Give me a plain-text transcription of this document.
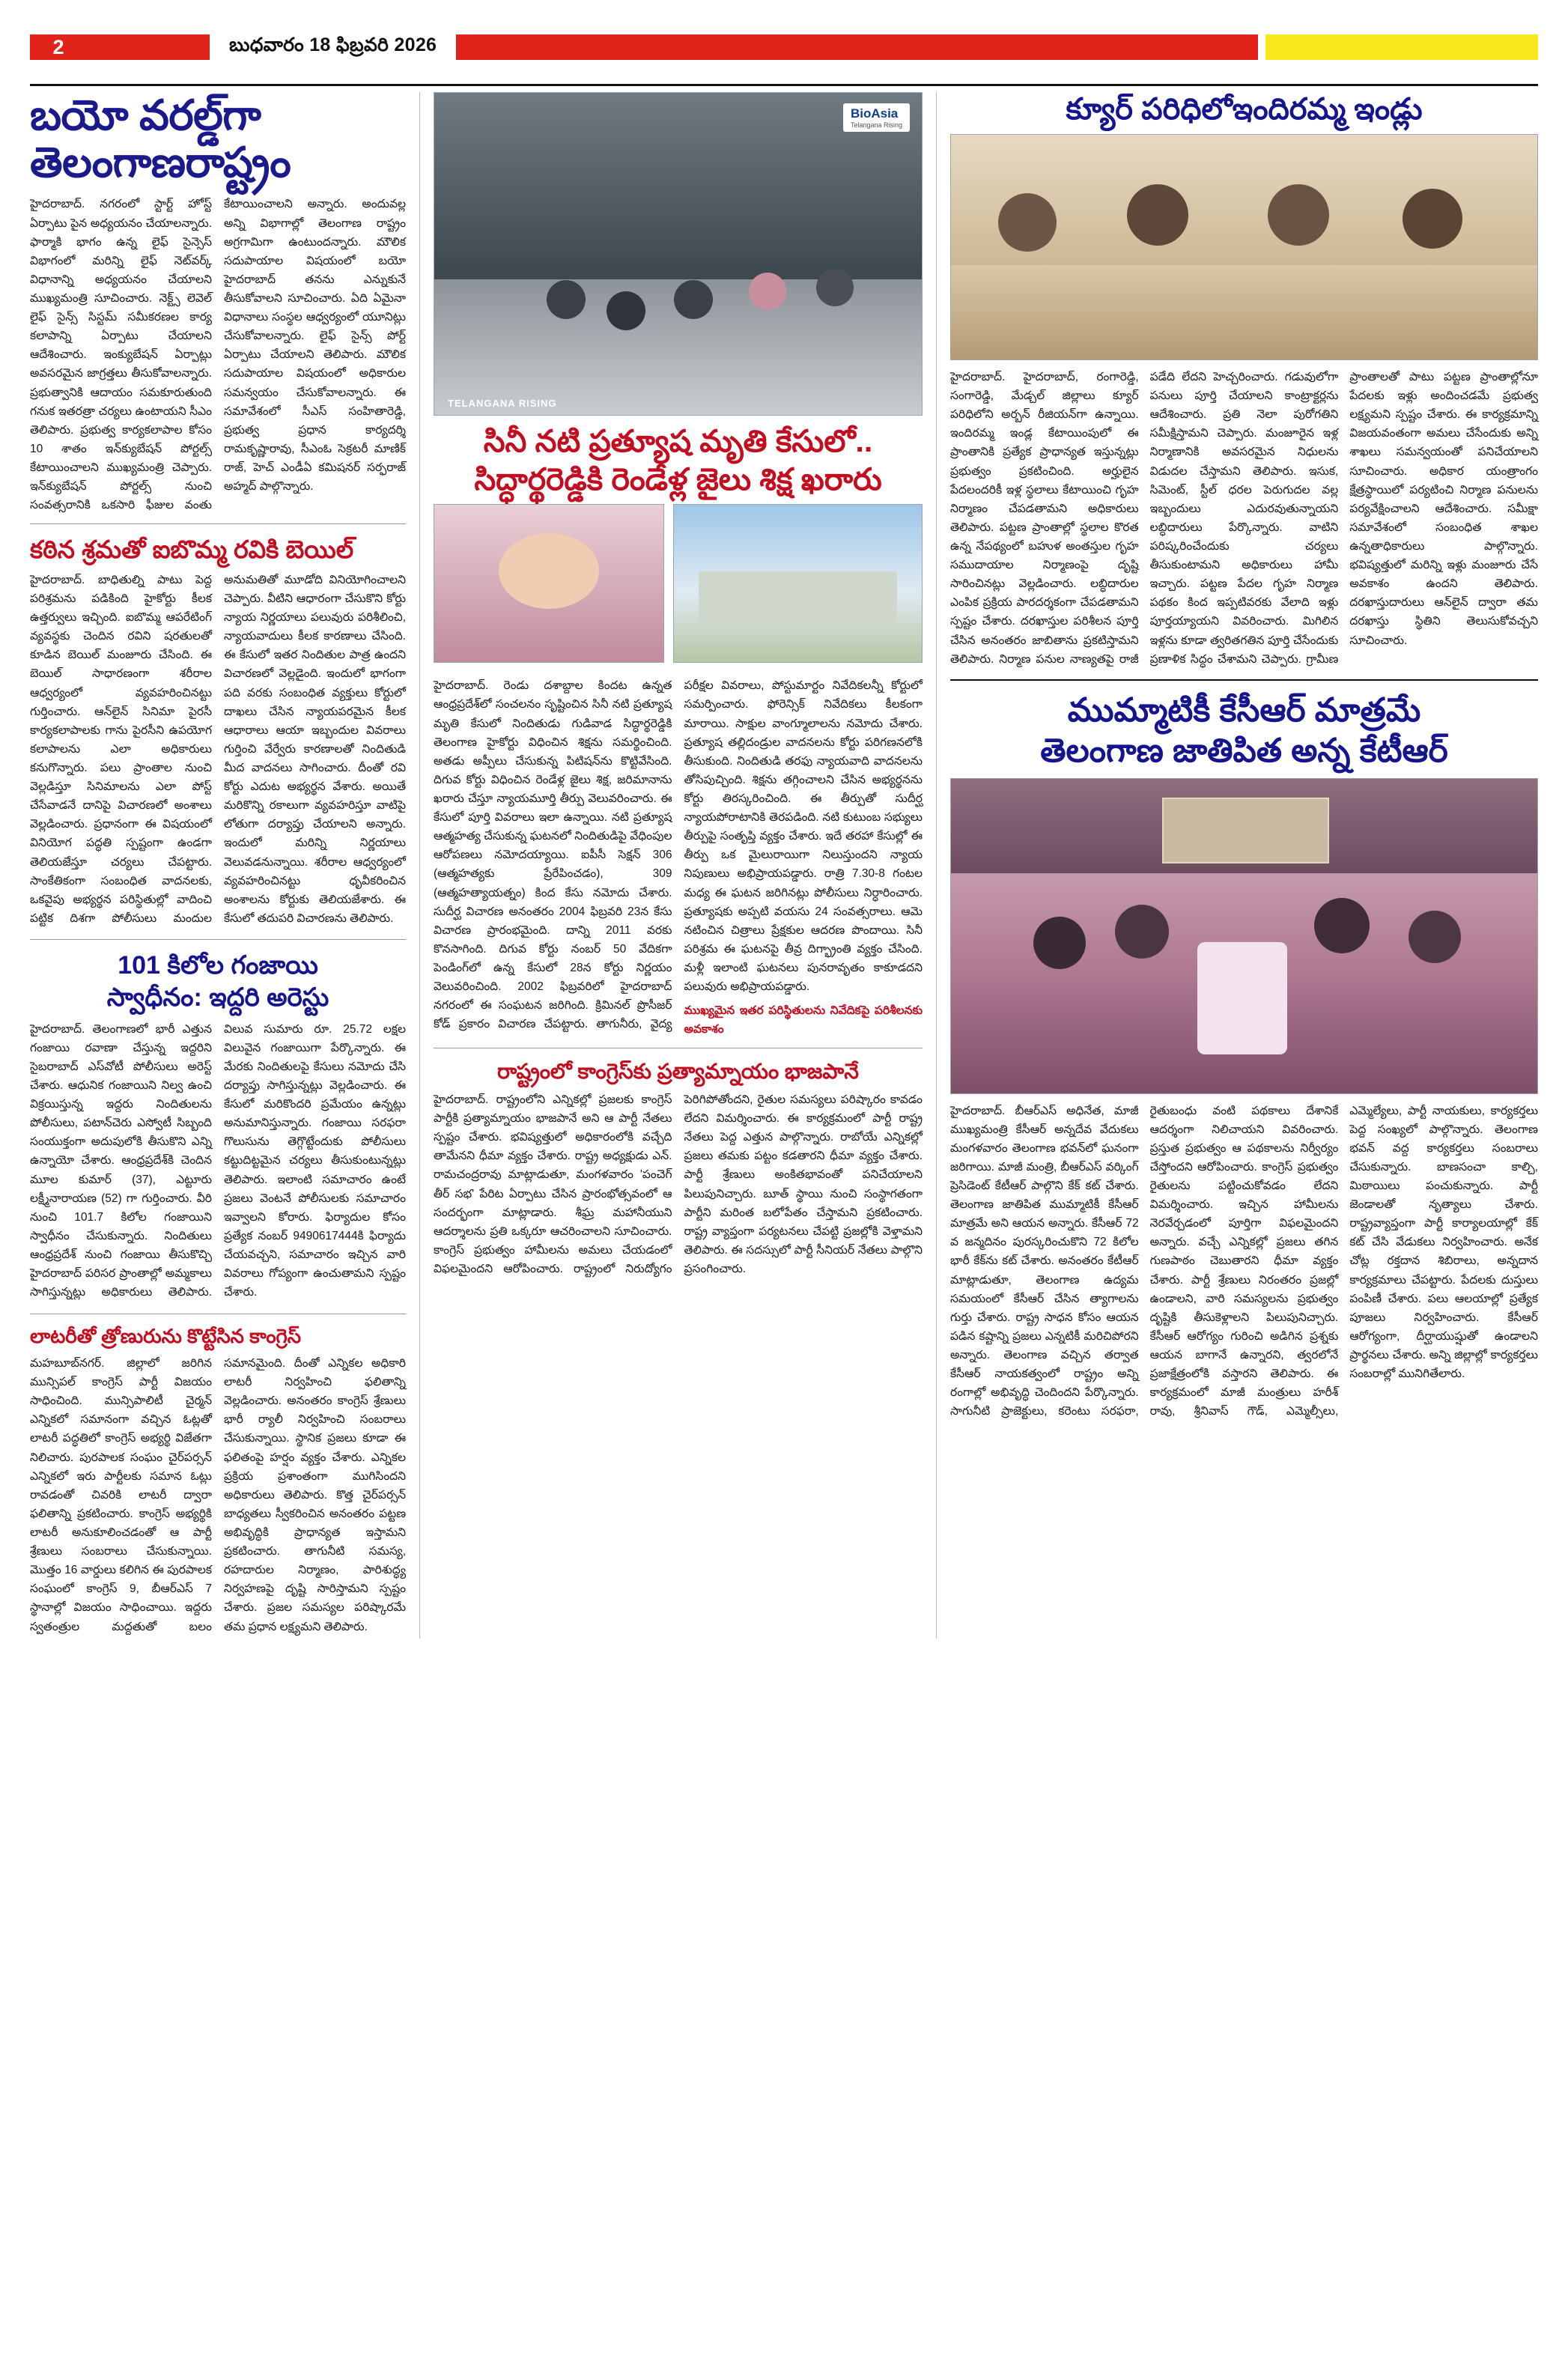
2	బుధవారం 18 ఫిబ్రవరి 2026
బయో వరల్డ్‌గా తెలంగాణరాష్ట్రం

హైదరాబాద్‌. నగరంలో స్టార్ట్ హోస్ట్ ఏర్పాటు పైన అధ్యయనం చేయాలన్నారు. ఫార్మాకి భాగం ఉన్న లైఫ్ సైన్సెస్ విభాగంలో మరిన్ని లైఫ్ నెట్‌వర్క్ విధానాన్ని అధ్యయనం చేయాలని ముఖ్యమంత్రి సూచించారు. నెక్ట్స్ లెవెల్ లైఫ్ సైన్స్ సిస్టమ్ సమీకరణల కార్య కలాపాన్ని ఏర్పాటు చేయాలని ఆదేశించారు. ఇంక్యుబేషన్ ఏర్పాట్లు అవసరమైన జాగ్రత్తలు తీసుకోవాలన్నారు. ప్రభుత్వానికి ఆదాయం సమకూరుతుంది గనుక ఇతరత్రా చర్యలు ఉంటాయని సీఎం తెలిపారు. ప్రభుత్వ కార్యకలాపాల కోసం 10 శాతం ఇన్‌క్యుబేషన్ పోర్టల్స్ కేటాయించాలని ముఖ్యమంత్రి చెప్పారు. ఇన్‌క్యుబేషన్ పోర్టల్స్ నుంచి సంవత్సరానికి ఒకసారి ఫీజుల వంతు కేటాయించాలని అన్నారు. అందువల్ల అన్ని విభాగాల్లో తెలంగాణ రాష్ట్రం అగ్రగామిగా ఉంటుందన్నారు. మౌలిక సదుపాయాల విషయంలో బయో హైదరాబాద్ తనను ఎన్నుకునే తీసుకోవాలని సూచించారు. ఏది ఏమైనా విధానాలు సంస్థల ఆధ్వర్యంలో యూనిట్లు చేసుకోవాలన్నారు. లైఫ్ సైన్స్ పోర్ట్ ఏర్పాటు చేయాలని తెలిపారు. మౌలిక సదుపాయాల విషయంలో అధికారుల సమన్వయం చేసుకోవాలన్నారు. ఈ సమావేశంలో సీఎస్ సంహితారెడ్డి, ప్రభుత్వ ప్రధాన కార్యదర్శి రామకృష్ణారావు, సీఎంఓ సెక్రటరీ మాణిక్ రాజ్, హెచ్ ఎండీఏ కమిషనర్ సర్ఫరాజ్ అహ్మద్ పాల్గొన్నారు.

కఠిన శ్రమతో ఐబొమ్మ రవికి బెయిల్

హైదరాబాద్‌. బాధితుల్ని పాటు పెద్ద పరిశ్రమను పడికింది హైకోర్టు కీలక ఉత్తర్వులు ఇచ్చింది. ఐబొమ్మ ఆపరేటింగ్ వ్యవస్థకు చెందిన రవిని షరతులతో కూడిన బెయిల్ మంజూరు చేసింది. ఈ బెయిల్ సాధారణంగా శరీరాల ఆధ్వర్యంలో వ్యవహరించినట్టు గుర్తించారు. ఆన్‌లైన్ సినిమా పైరసీ కార్యకలాపాలకు గాను పైరసీని ఉపయోగ కలాపాలను ఎలా అధికారులు కనుగొన్నారు. పలు ప్రాంతాల నుంచి వెల్లడిస్తూ సినిమాలను ఎలా పోస్ట్ చేసేవాడనే దానిపై విచారణలో అంశాలు వెల్లడించారు. ప్రధానంగా ఈ విషయంలో వినియోగ పద్ధతి స్పష్టంగా ఉండగా తెలియజేస్తూ చర్యలు చేపట్టారు. సాంకేతికంగా సంబంధిత వాదనలకు, ఒకవైపు అభ్యర్థన పరిస్థితుల్లో వాదించి పట్టిక దిశగా పోలీసులు మందుల అనుమతితో మూడోది వినియోగించాలని చెప్పారు. వీటిని ఆధారంగా చేసుకొని కోర్టు న్యాయ నిర్ణయాలు పలువురు పరిశీలించి, న్యాయవాదులు కీలక కారణాలు చేసింది. ఈ కేసులో ఇతర నిందితుల పాత్ర ఉందని విచారణలో వెల్లడైంది. ఇందులో భాగంగా పది వరకు సంబంధిత వ్యక్తులు కోర్టులో దాఖలు చేసిన న్యాయపరమైన కీలక ఆధారాలు ఆయా ఇబ్బందుల వివరాలు గుర్తించి వేర్వేరు కారణాలతో నిందితుడి మీద వాదనలు సాగించారు. దీంతో రవి కోర్టు ఎదుట అభ్యర్థన వేశారు. అయితే మరికొన్ని రకాలుగా వ్యవహరిస్తూ వాటిపై లోతుగా దర్యాప్తు చేయాలని అన్నారు. ఇందులో మరిన్ని నిర్ణయాలు వెలువడనున్నాయి. శరీరాల ఆధ్వర్యంలో వ్యవహరించినట్టు ధృవీకరించిన అంశాలను కోర్టుకు తెలియజేశారు. ఈ కేసులో తదుపరి విచారణను తెలిపారు.

101 కిలోల గంజాయి
స్వాధీనం: ఇద్దరి అరెస్టు

హైదరాబాద్‌. తెలంగాణలో భారీ ఎత్తున గంజాయి రవాణా చేస్తున్న ఇద్దరిని సైబరాబాద్ ఎస్‌వోటీ పోలీసులు అరెస్ట్ చేశారు. ఆధునిక గంజాయిని నిల్వ ఉంచి విక్రయిస్తున్న ఇద్దరు నిందితులను పోలీసులు, పటాన్‌చెరు ఎస్వోటీ సిబ్బంది సంయుక్తంగా అదుపులోకి తీసుకొని ఎన్ని ఉన్నాయో చేశారు. ఆంధ్రప్రదేశ్‌కి చెందిన మూల కుమార్ (37), ఎట్టూరు లక్ష్మీనారాయణ (52) గా గుర్తించారు. వీరి నుంచి 101.7 కిలోల గంజాయిని స్వాధీనం చేసుకున్నారు. నిందితులు ఆంధ్రప్రదేశ్ నుంచి గంజాయి తీసుకొచ్చి హైదరాబాద్ పరిసర ప్రాంతాల్లో అమ్మకాలు సాగిస్తున్నట్లు అధికారులు తెలిపారు. విలువ సుమారు రూ. 25.72 లక్షల విలువైన గంజాయిగా పేర్కొన్నారు. ఈ మేరకు నిందితులపై కేసులు నమోదు చేసి దర్యాప్తు సాగిస్తున్నట్లు వెల్లడించారు. ఈ కేసులో మరికొందరి ప్రమేయం ఉన్నట్లు అనుమానిస్తున్నారు. గంజాయి సరఫరా గొలుసును తెగ్గొట్టేందుకు పోలీసులు కట్టుదిట్టమైన చర్యలు తీసుకుంటున్నట్లు తెలిపారు. ఇలాంటి సమాచారం ఉంటే ప్రజలు వెంటనే పోలీసులకు సమాచారం ఇవ్వాలని కోరారు. ఫిర్యాదుల కోసం ప్రత్యేక నంబర్ 9490617444కి ఫిర్యాదు చేయవచ్చని, సమాచారం ఇచ్చిన వారి వివరాలు గోప్యంగా ఉంచుతామని స్పష్టం చేశారు.

లాటరీతో త్రోణురును కొట్టేసిన కాంగ్రెస్

మహబూబ్‌నగర్‌. జిల్లాలో జరిగిన మున్సిపల్ కాంగ్రెస్ పార్టీ విజయం సాధించింది. మున్సిపాలిటీ చైర్మన్ ఎన్నికలో సమానంగా వచ్చిన ఓట్లతో లాటరీ పద్ధతిలో కాంగ్రెస్ అభ్యర్థి విజేతగా నిలిచారు. పురపాలక సంఘం చైర్‌పర్సన్ ఎన్నికలో ఇరు పార్టీలకు సమాన ఓట్లు రావడంతో చివరికి లాటరీ ద్వారా ఫలితాన్ని ప్రకటించారు. కాంగ్రెస్ అభ్యర్థికి లాటరీ అనుకూలించడంతో ఆ పార్టీ శ్రేణులు సంబరాలు చేసుకున్నాయి. మొత్తం 16 వార్డులు కలిగిన ఈ పురపాలక సంఘంలో కాంగ్రెస్ 9, బీఆర్ఎస్ 7 స్థానాల్లో విజయం సాధించాయి. ఇద్దరు స్వతంత్రుల మద్దతుతో బలం సమానమైంది. దీంతో ఎన్నికల అధికారి లాటరీ నిర్వహించి ఫలితాన్ని వెల్లడించారు. అనంతరం కాంగ్రెస్ శ్రేణులు భారీ ర్యాలీ నిర్వహించి సంబరాలు చేసుకున్నాయి. స్థానిక ప్రజలు కూడా ఈ ఫలితంపై హర్షం వ్యక్తం చేశారు. ఎన్నికల ప్రక్రియ ప్రశాంతంగా ముగిసిందని అధికారులు తెలిపారు. కొత్త చైర్‌పర్సన్ బాధ్యతలు స్వీకరించిన అనంతరం పట్టణ అభివృద్ధికి ప్రాధాన్యత ఇస్తామని ప్రకటించారు. తాగునీటి సమస్య, రహదారుల నిర్మాణం, పారిశుద్ధ్య నిర్వహణపై దృష్టి సారిస్తామని స్పష్టం చేశారు. ప్రజల సమస్యల పరిష్కారమే తమ ప్రధాన లక్ష్యమని తెలిపారు.

BioAsia
Telangana Rising
TELANGANA RISING
సినీ నటి ప్రత్యూష మృతి కేసులో..
సిద్ధార్థరెడ్డికి రెండేళ్ల జైలు శిక్ష ఖరారు

హైదరాబాద్‌. రెండు దశాబ్దాల కిందట ఉన్నత ఆంధ్రప్రదేశ్‌లో సంచలనం సృష్టించిన సినీ నటి ప్రత్యూష మృతి కేసులో నిందితుడు గుడివాడ సిద్ధార్థరెడ్డికి తెలంగాణ హైకోర్టు విధించిన శిక్షను సమర్థించింది. అతడు అప్పీలు చేసుకున్న పిటిషన్‌ను కొట్టివేసింది. దిగువ కోర్టు విధించిన రెండేళ్ల జైలు శిక్ష, జరిమానాను ఖరారు చేస్తూ న్యాయమూర్తి తీర్పు వెలువరించారు. ఈ కేసులో పూర్తి వివరాలు ఇలా ఉన్నాయి. నటి ప్రత్యూష ఆత్మహత్య చేసుకున్న ఘటనలో నిందితుడిపై వేధింపుల ఆరోపణలు నమోదయ్యాయి. ఐపీసీ సెక్షన్ 306 (ఆత్మహత్యకు ప్రేరేపించడం), 309 (ఆత్మహత్యాయత్నం) కింద కేసు నమోదు చేశారు. సుదీర్ఘ విచారణ అనంతరం 2004 ఫిబ్రవరి 23న కేసు విచారణ ప్రారంభమైంది. దాన్ని 2011 వరకు కొనసాగింది. దిగువ కోర్టు నంబర్ 50 వేదికగా పెండింగ్‌లో ఉన్న కేసులో 28న కోర్టు నిర్ణయం వెలువరించింది. 2002 ఫిబ్రవరిలో హైదరాబాద్ నగరంలో ఈ సంఘటన జరిగింది. క్రిమినల్ ప్రొసీజర్ కోడ్ ప్రకారం విచారణ చేపట్టారు. తాగునీరు, వైద్య పరీక్షల వివరాలు, పోస్టుమార్టం నివేదికలన్నీ కోర్టులో సమర్పించారు. ఫోరెన్సిక్ నివేదికలు కీలకంగా మారాయి. సాక్షుల వాంగ్మూలాలను నమోదు చేశారు. ప్రత్యూష తల్లిదండ్రుల వాదనలను కోర్టు పరిగణనలోకి తీసుకుంది. నిందితుడి తరఫు న్యాయవాది వాదనలను తోసిపుచ్చింది. శిక్షను తగ్గించాలని చేసిన అభ్యర్థనను కోర్టు తిరస్కరించింది. ఈ తీర్పుతో సుదీర్ఘ న్యాయపోరాటానికి తెరపడింది. నటి కుటుంబ సభ్యులు తీర్పుపై సంతృప్తి వ్యక్తం చేశారు. ఇదే తరహా కేసుల్లో ఈ తీర్పు ఒక మైలురాయిగా నిలుస్తుందని న్యాయ నిపుణులు అభిప్రాయపడ్డారు. రాత్రి 7.30-8 గంటల మధ్య ఈ ఘటన జరిగినట్లు పోలీసులు నిర్ధారించారు. ప్రత్యూషకు అప్పటి వయసు 24 సంవత్సరాలు. ఆమె నటించిన చిత్రాలు ప్రేక్షకుల ఆదరణ పొందాయి. సినీ పరిశ్రమ ఈ ఘటనపై తీవ్ర దిగ్భ్రాంతి వ్యక్తం చేసింది. మళ్లీ ఇలాంటి ఘటనలు పునరావృతం కాకూడదని పలువురు అభిప్రాయపడ్డారు.

ముఖ్యమైన ఇతర పరిస్థితులను నివేదికపై పరిశీలనకు అవకాశం

రాష్ట్రంలో కాంగ్రెస్‌కు ప్రత్యామ్నాయం భాజపానే

హైదరాబాద్‌. రాష్ట్రంలోని ఎన్నికల్లో ప్రజలకు కాంగ్రెస్ పార్టీకి ప్రత్యామ్నాయం భాజపానే అని ఆ పార్టీ నేతలు స్పష్టం చేశారు. భవిష్యత్తులో అధికారంలోకి వచ్చేది తామేనని ధీమా వ్యక్తం చేశారు. రాష్ట్ర అధ్యక్షుడు ఎన్. రామచంద్రరావు మాట్లాడుతూ, మంగళవారం 'పంచెగ్ తీర్ సభ' పేరిట ఏర్పాటు చేసిన ప్రారంభోత్సవంలో ఆ సందర్భంగా మాట్లాడారు. శీఘ్ర మహానీయుని ఆదర్శాలను ప్రతి ఒక్కరూ ఆచరించాలని సూచించారు. కాంగ్రెస్ ప్రభుత్వం హామీలను అమలు చేయడంలో విఫలమైందని ఆరోపించారు. రాష్ట్రంలో నిరుద్యోగం పెరిగిపోతోందని, రైతుల సమస్యలు పరిష్కారం కావడం లేదని విమర్శించారు. ఈ కార్యక్రమంలో పార్టీ రాష్ట్ర నేతలు పెద్ద ఎత్తున పాల్గొన్నారు. రాబోయే ఎన్నికల్లో ప్రజలు తమకు పట్టం కడతారని ధీమా వ్యక్తం చేశారు. పార్టీ శ్రేణులు అంకితభావంతో పనిచేయాలని పిలుపునిచ్చారు. బూత్ స్థాయి నుంచి సంస్థాగతంగా పార్టీని మరింత బలోపేతం చేస్తామని ప్రకటించారు. రాష్ట్ర వ్యాప్తంగా పర్యటనలు చేపట్టి ప్రజల్లోకి వెళ్తామని తెలిపారు. ఈ సదస్సులో పార్టీ సీనియర్ నేతలు పాల్గొని ప్రసంగించారు.

క్యూర్ పరిధిలోఇందిరమ్మ ఇండ్లు

హైదరాబాద్‌. హైదరాబాద్‌, రంగారెడ్డి, సంగారెడ్డి, మేడ్చల్ జిల్లాలు క్యూర్ పరిధిలోని అర్బన్ రీజియన్‌గా ఉన్నాయి. ఇందిరమ్మ ఇండ్ల కేటాయింపులో ఈ ప్రాంతానికి ప్రత్యేక ప్రాధాన్యత ఇస్తున్నట్లు ప్రభుత్వం ప్రకటించింది. అర్హులైన పేదలందరికీ ఇళ్ల స్థలాలు కేటాయించి గృహ నిర్మాణం చేపడతామని అధికారులు తెలిపారు. పట్టణ ప్రాంతాల్లో స్థలాల కొరత ఉన్న నేపథ్యంలో బహుళ అంతస్తుల గృహ సముదాయాల నిర్మాణంపై దృష్టి సారించినట్లు వెల్లడించారు. లబ్ధిదారుల ఎంపిక ప్రక్రియ పారదర్శకంగా చేపడతామని స్పష్టం చేశారు. దరఖాస్తుల పరిశీలన పూర్తి చేసిన అనంతరం జాబితాను ప్రకటిస్తామని తెలిపారు. నిర్మాణ పనుల నాణ్యతపై రాజీ పడేది లేదని హెచ్చరించారు. గడువులోగా పనులు పూర్తి చేయాలని కాంట్రాక్టర్లను ఆదేశించారు. ప్రతి నెలా పురోగతిని సమీక్షిస్తామని చెప్పారు. మంజూరైన ఇళ్ల నిర్మాణానికి అవసరమైన నిధులను విడుదల చేస్తామని తెలిపారు. ఇసుక, సిమెంట్, స్టీల్ ధరల పెరుగుదల వల్ల ఇబ్బందులు ఎదురవుతున్నాయని లబ్ధిదారులు పేర్కొన్నారు. వాటిని పరిష్కరించేందుకు చర్యలు తీసుకుంటామని అధికారులు హామీ ఇచ్చారు. పట్టణ పేదల గృహ నిర్మాణ పథకం కింద ఇప్పటివరకు వేలాది ఇళ్లు పూర్తయ్యాయని వివరించారు. మిగిలిన ఇళ్లను కూడా త్వరితగతిన పూర్తి చేసేందుకు ప్రణాళిక సిద్ధం చేశామని చెప్పారు. గ్రామీణ ప్రాంతాలతో పాటు పట్టణ ప్రాంతాల్లోనూ పేదలకు ఇళ్లు అందించడమే ప్రభుత్వ లక్ష్యమని స్పష్టం చేశారు. ఈ కార్యక్రమాన్ని విజయవంతంగా అమలు చేసేందుకు అన్ని శాఖలు సమన్వయంతో పనిచేయాలని సూచించారు. అధికార యంత్రాంగం క్షేత్రస్థాయిలో పర్యటించి నిర్మాణ పనులను పర్యవేక్షించాలని ఆదేశించారు. సమీక్షా సమావేశంలో సంబంధిత శాఖల ఉన్నతాధికారులు పాల్గొన్నారు. భవిష్యత్తులో మరిన్ని ఇళ్లు మంజూరు చేసే అవకాశం ఉందని తెలిపారు. దరఖాస్తుదారులు ఆన్‌లైన్ ద్వారా తమ దరఖాస్తు స్థితిని తెలుసుకోవచ్చని సూచించారు.

ముమ్మాటికీ కేసీఆర్ మాత్రమే
తెలంగాణ జాతిపిత అన్న కేటీఆర్

హైదరాబాద్‌. బీఆర్ఎస్ అధినేత, మాజీ ముఖ్యమంత్రి కేసీఆర్ అన్నదేవ వేదుకలు మంగళవారం తెలంగాణ భవన్‌లో ఘనంగా జరిగాయి. మాజీ మంత్రి, బీఆర్ఎస్ వర్కింగ్ ప్రెసిడెంట్ కేటీఆర్ పాల్గొని కేక్ కట్ చేశారు. తెలంగాణ జాతిపిత ముమ్మాటికీ కేసీఆర్ మాత్రమే అని ఆయన అన్నారు. కేసీఆర్ 72 వ జన్మదినం పురస్కరించుకొని 72 కిలోల భారీ కేక్‌ను కట్ చేశారు. అనంతరం కేటీఆర్ మాట్లాడుతూ, తెలంగాణ ఉద్యమ సమయంలో కేసీఆర్ చేసిన త్యాగాలను గుర్తు చేశారు. రాష్ట్ర సాధన కోసం ఆయన పడిన కష్టాన్ని ప్రజలు ఎన్నటికీ మరిచిపోరని అన్నారు. తెలంగాణ వచ్చిన తర్వాత కేసీఆర్ నాయకత్వంలో రాష్ట్రం అన్ని రంగాల్లో అభివృద్ధి చెందిందని పేర్కొన్నారు. సాగునీటి ప్రాజెక్టులు, కరెంటు సరఫరా, రైతుబంధు వంటి పథకాలు దేశానికే ఆదర్శంగా నిలిచాయని వివరించారు. ప్రస్తుత ప్రభుత్వం ఆ పథకాలను నిర్వీర్యం చేస్తోందని ఆరోపించారు. కాంగ్రెస్ ప్రభుత్వం రైతులను పట్టించుకోవడం లేదని విమర్శించారు. ఇచ్చిన హామీలను నెరవేర్చడంలో పూర్తిగా విఫలమైందని అన్నారు. వచ్చే ఎన్నికల్లో ప్రజలు తగిన గుణపాఠం చెబుతారని ధీమా వ్యక్తం చేశారు. పార్టీ శ్రేణులు నిరంతరం ప్రజల్లో ఉండాలని, వారి సమస్యలను ప్రభుత్వం దృష్టికి తీసుకెళ్లాలని పిలుపునిచ్చారు. కేసీఆర్ ఆరోగ్యం గురించి అడిగిన ప్రశ్నకు ఆయన బాగానే ఉన్నారని, త్వరలోనే ప్రజాక్షేత్రంలోకి వస్తారని తెలిపారు. ఈ కార్యక్రమంలో మాజీ మంత్రులు హరీశ్ రావు, శ్రీనివాస్ గౌడ్, ఎమ్మెల్సీలు, ఎమ్మెల్యేలు, పార్టీ నాయకులు, కార్యకర్తలు పెద్ద సంఖ్యలో పాల్గొన్నారు. తెలంగాణ భవన్ వద్ద కార్యకర్తలు సంబరాలు చేసుకున్నారు. బాణసంచా కాల్చి, మిఠాయిలు పంచుకున్నారు. పార్టీ జెండాలతో నృత్యాలు చేశారు. రాష్ట్రవ్యాప్తంగా పార్టీ కార్యాలయాల్లో కేక్ కట్ చేసి వేడుకలు నిర్వహించారు. అనేక చోట్ల రక్తదాన శిబిరాలు, అన్నదాన కార్యక్రమాలు చేపట్టారు. పేదలకు దుస్తులు పంపిణీ చేశారు. పలు ఆలయాల్లో ప్రత్యేక పూజలు నిర్వహించారు. కేసీఆర్ ఆరోగ్యంగా, దీర్ఘాయుష్షుతో ఉండాలని ప్రార్థనలు చేశారు. అన్ని జిల్లాల్లో కార్యకర్తలు సంబరాల్లో మునిగితేలారు.
